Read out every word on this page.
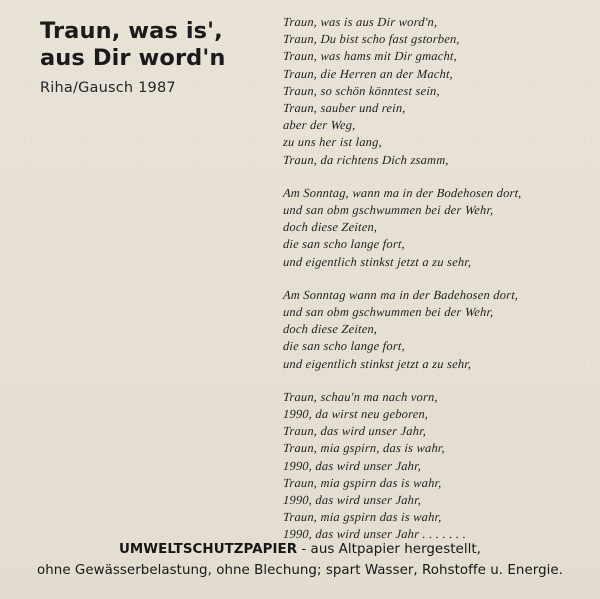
Traun, was is',
aus Dir word'n
Riha/Gausch 1987
Traun, was is aus Dir word'n,
Traun, Du bist scho fast gstorben,
Traun, was hams mit Dir gmacht,
Traun, die Herren an der Macht,
Traun, so schön könntest sein,
Traun, sauber und rein,
aber der Weg,
zu uns her ist lang,
Traun, da richtens Dich zsamm,
Am Sonntag, wann ma in der Bodehosen dort,
und san obm gschwummen bei der Wehr,
doch diese Zeiten,
die san scho lange fort,
und eigentlich stinkst jetzt a zu sehr,
Am Sonntag wann ma in der Badehosen dort,
und san obm gschwummen bei der Wehr,
doch diese Zeiten,
die san scho lange fort,
und eigentlich stinkst jetzt a zu sehr,
Traun, schau'n ma nach vorn,
1990, da wirst neu geboren,
Traun, das wird unser Jahr,
Traun, mia gspirn, das is wahr,
1990, das wird unser Jahr,
Traun, mia gspirn das is wahr,
1990, das wird unser Jahr,
Traun, mia gspirn das is wahr,
1990, das wird unser Jahr . . . . . . .
UMWELTSCHUTZPAPIER - aus Altpapier hergestellt,
ohne Gewässerbelastung, ohne Blechung; spart Wasser, Rohstoffe u. Energie.
